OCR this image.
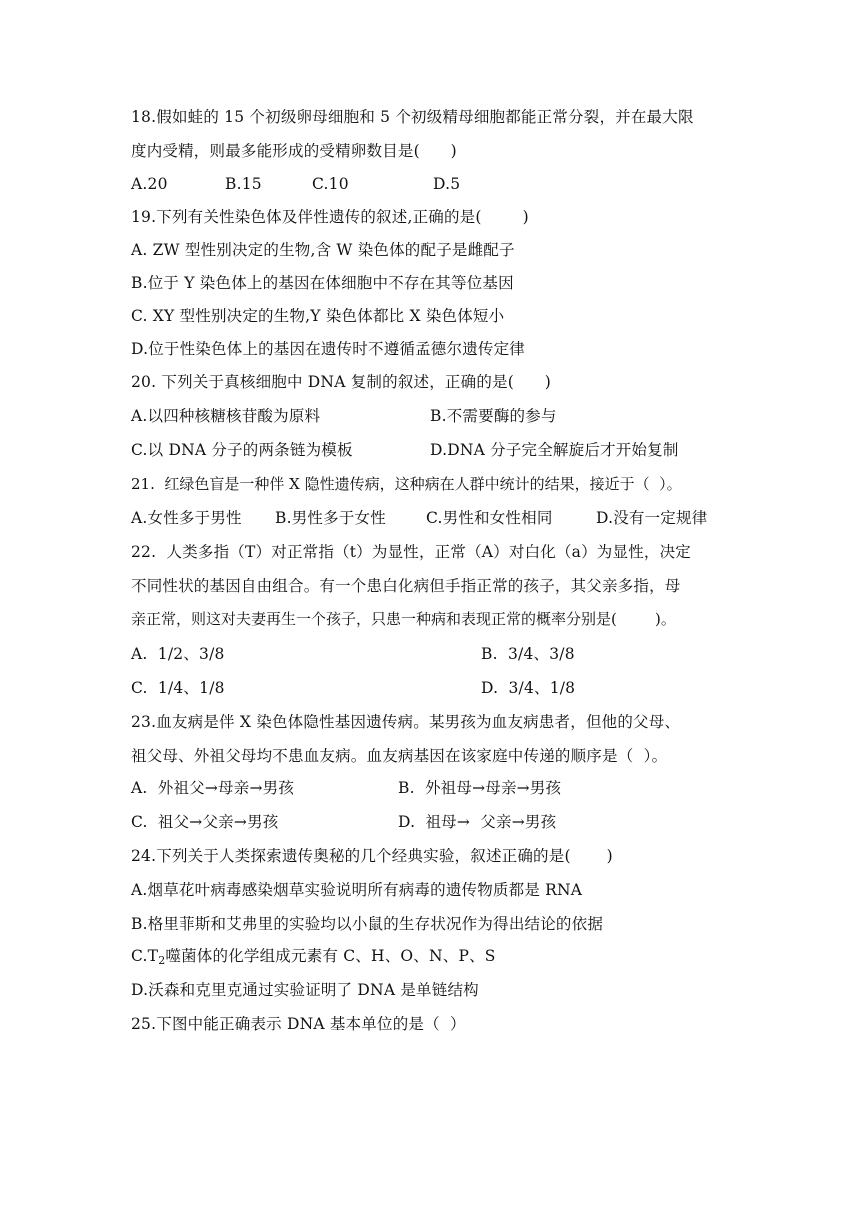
18.假如蛙的 15 个初级卵母细胞和 5 个初级精母细胞都能正常分裂，并在最大限
度内受精，则最多能形成的受精卵数目是(      )
A.20	B.15	C.10	D.5
19.下列有关性染色体及伴性遗传的叙述,正确的是(        )
A. ZW 型性别决定的生物,含 W 染色体的配子是雌配子
B.位于 Y 染色体上的基因在体细胞中不存在其等位基因
C. XY 型性别决定的生物,Y 染色体都比 X 染色体短小
D.位于性染色体上的基因在遗传时不遵循孟德尔遗传定律
20. 下列关于真核细胞中 DNA 复制的叙述，正确的是(      )
A.以四种核糖核苷酸为原料	B.不需要酶的参与
C.以 DNA 分子的两条链为模板	D.DNA 分子完全解旋后才开始复制
21.  红绿色盲是一种伴 X 隐性遗传病，这种病在人群中统计的结果，接近于（  ）。
A.女性多于男性 B.男性多于女性	C.男性和女性相同	D.没有一定规律
22.  人类多指（T）对正常指（t）为显性，正常（A）对白化（a）为显性，决定
不同性状的基因自由组合。有一个患白化病但手指正常的孩子，其父亲多指，母
亲正常，则这对夫妻再生一个孩子，只患一种病和表现正常的概率分别是(        )。
A.  1/2、3/8	B.  3/4、3/8
C.  1/4、1/8	D.  3/4、1/8
23.血友病是伴 X 染色体隐性基因遗传病。某男孩为血友病患者，但他的父母、
祖父母、外祖父母均不患血友病。血友病基因在该家庭中传递的顺序是（  ）。
A.  外祖父→母亲→男孩	B.  外祖母→母亲→男孩
C.  祖父→父亲→男孩	D.  祖母→  父亲→男孩
24.下列关于人类探索遗传奥秘的几个经典实验，叙述正确的是(       )
A.烟草花叶病毒感染烟草实验说明所有病毒的遗传物质都是 RNA
B.格里菲斯和艾弗里的实验均以小鼠的生存状况作为得出结论的依据
$C.T_2$噬菌体的化学组成元素有 C、H、O、N、P、S
D.沃森和克里克通过实验证明了 DNA 是单链结构
25.下图中能正确表示 DNA 基本单位的是（  ）
